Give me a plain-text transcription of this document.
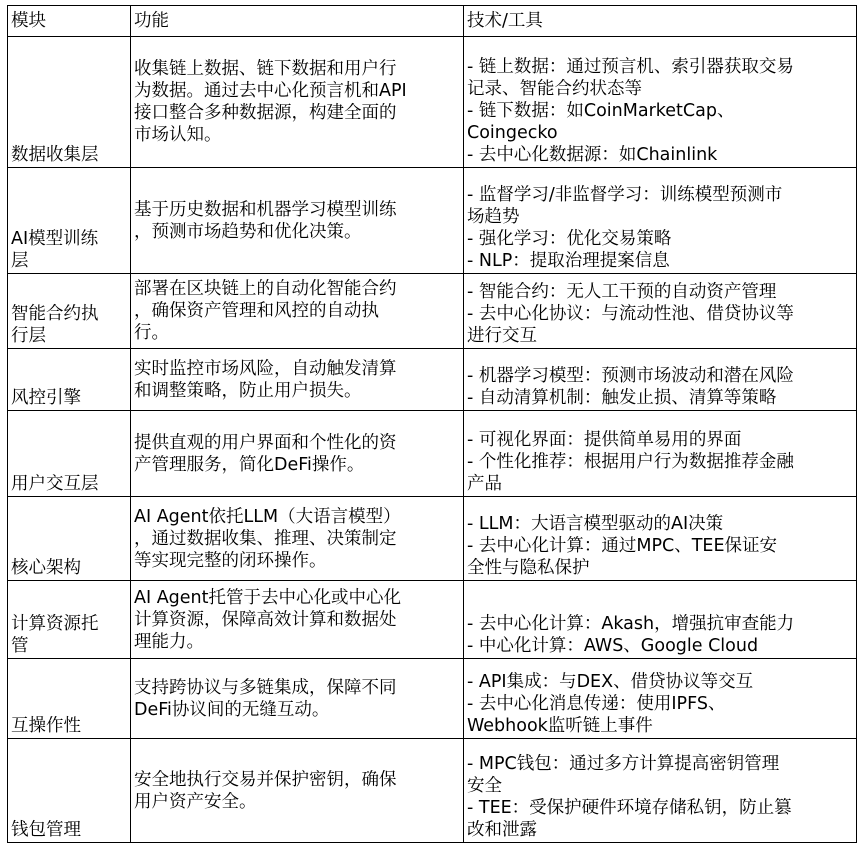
模块	功能	技术/工具

数据收集层	收集链上数据、链下数据和用户行
为数据。通过去中心化预言机和API
接口整合多种数据源，构建全面的
市场认知。	- 链上数据：通过预言机、索引器获取交易
记录、智能合约状态等
- 链下数据：如CoinMarketCap、
Coingecko
- 去中心化数据源：如Chainlink

AI模型训练
层	基于历史数据和机器学习模型训练
，预测市场趋势和优化决策。	- 监督学习/非监督学习：训练模型预测市
场趋势
- 强化学习：优化交易策略
- NLP：提取治理提案信息

智能合约执
行层	部署在区块链上的自动化智能合约
，确保资产管理和风控的自动执
行。	- 智能合约：无人工干预的自动资产管理
- 去中心化协议：与流动性池、借贷协议等
进行交互

风控引擎	实时监控市场风险，自动触发清算
和调整策略，防止用户损失。	- 机器学习模型：预测市场波动和潜在风险
- 自动清算机制：触发止损、清算等策略

用户交互层	提供直观的用户界面和个性化的资
产管理服务，简化DeFi操作。	- 可视化界面：提供简单易用的界面
- 个性化推荐：根据用户行为数据推荐金融
产品

核心架构	AI Agent依托LLM（大语言模型）
，通过数据收集、推理、决策制定
等实现完整的闭环操作。	- LLM：大语言模型驱动的AI决策
- 去中心化计算：通过MPC、TEE保证安
全性与隐私保护

计算资源托
管	AI Agent托管于去中心化或中心化
计算资源，保障高效计算和数据处
理能力。	- 去中心化计算：Akash，增强抗审查能力
- 中心化计算：AWS、Google Cloud

互操作性	支持跨协议与多链集成，保障不同
DeFi协议间的无缝互动。	- API集成：与DEX、借贷协议等交互
- 去中心化消息传递：使用IPFS、
Webhook监听链上事件

钱包管理	安全地执行交易并保护密钥，确保
用户资产安全。	- MPC钱包：通过多方计算提高密钥管理
安全
- TEE：受保护硬件环境存储私钥，防止篡
改和泄露
